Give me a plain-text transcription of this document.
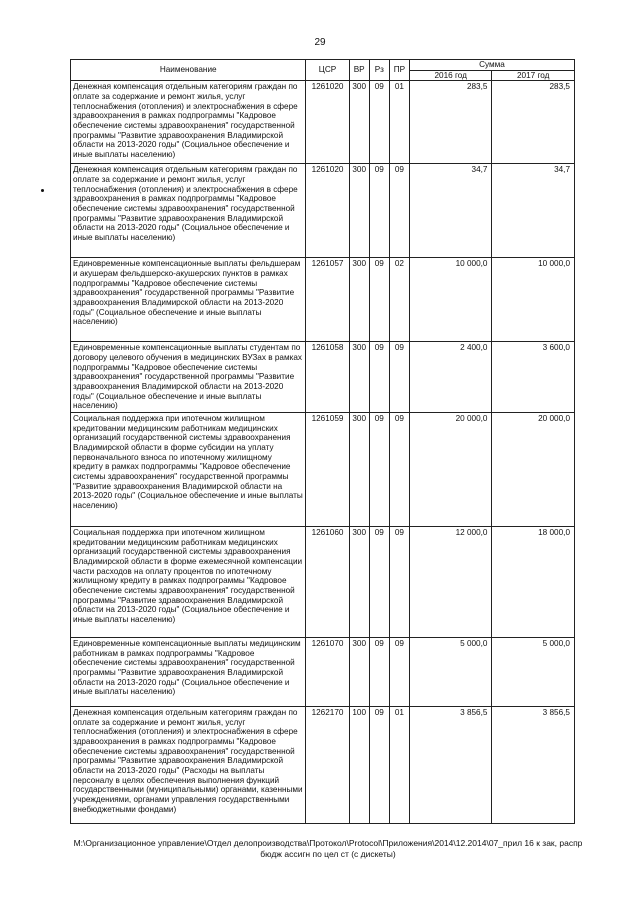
29
Наименование	ЦСР	ВР	Рз	ПР	Сумма	
					2016 год	2017 год
Денежная компенсация отдельным категориям граждан по оплате за содержание и ремонт жилья, услуг теплоснабжения (отопления) и электроснабжения в сфере здравоохранения в рамках подпрограммы "Кадровое обеспечение системы здравоохранения" государственной программы "Развитие здравоохранения Владимирской области на 2013-2020 годы" (Социальное обеспечение и иные выплаты населению)	1261020	300	09	01	283,5	283,5
Денежная компенсация отдельным категориям граждан по оплате за содержание и ремонт жилья, услуг теплоснабжения (отопления) и электроснабжения в сфере здравоохранения в рамках подпрограммы "Кадровое обеспечение системы здравоохранения" государственной программы "Развитие здравоохранения Владимирской области на 2013-2020 годы" (Социальное обеспечение и иные выплаты населению)	1261020	300	09	09	34,7	34,7
Единовременные компенсационные выплаты фельдшерам и акушерам фельдшерско-акушерских пунктов в рамках подпрограммы "Кадровое обеспечение системы здравоохранения" государственной программы "Развитие здравоохранения Владимирской области на 2013-2020 годы" (Социальное обеспечение и иные выплаты населению)	1261057	300	09	02	10 000,0	10 000,0
Единовременные компенсационные выплаты студентам по договору целевого обучения в медицинских ВУЗах в рамках подпрограммы "Кадровое обеспечение системы здравоохранения" государственной программы "Развитие здравоохранения Владимирской области на 2013-2020 годы" (Социальное обеспечение и иные выплаты населению)	1261058	300	09	09	2 400,0	3 600,0
Социальная поддержка при ипотечном жилищном кредитовании медицинским работникам медицинских организаций государственной системы здравоохранения Владимирской области в форме субсидии на уплату первоначального взноса по ипотечному жилищному кредиту в рамках подпрограммы "Кадровое обеспечение системы здравоохранения" государственной программы "Развитие здравоохранения Владимирской области на 2013-2020 годы" (Социальное обеспечение и иные выплаты населению)	1261059	300	09	09	20 000,0	20 000,0
Социальная поддержка при ипотечном жилищном кредитовании медицинским работникам медицинских организаций государственной системы здравоохранения Владимирской области в форме ежемесячной компенсации части расходов на оплату процентов по ипотечному жилищному кредиту в рамках подпрограммы "Кадровое обеспечение системы здравоохранения" государственной программы "Развитие здравоохранения Владимирской области на 2013-2020 годы" (Социальное обеспечение и иные выплаты населению)	1261060	300	09	09	12 000,0	18 000,0
Единовременные компенсационные выплаты медицинским работникам в рамках подпрограммы "Кадровое обеспечение системы здравоохранения" государственной программы "Развитие здравоохранения Владимирской области на 2013-2020 годы" (Социальное обеспечение и иные выплаты населению)	1261070	300	09	09	5 000,0	5 000,0
Денежная компенсация отдельным категориям граждан по оплате за содержание и ремонт жилья, услуг теплоснабжения (отопления) и электроснабжения в сфере здравоохранения в рамках подпрограммы "Кадровое обеспечение системы здравоохранения" государственной программы "Развитие здравоохранения Владимирской области на 2013-2020 годы" (Расходы на выплаты персоналу в целях обеспечения выполнения функций государственными (муниципальными) органами, казенными учреждениями, органами управления государственными внебюджетными фондами)	1262170	100	09	01	3 856,5	3 856,5
M:\Организационное управление\Отдел делопроизводства\Протокол\Protocol\Приложения\2014\12.2014\07_прил 16 к зак, распр бюдж ассигн по цел ст (с дискеты)
